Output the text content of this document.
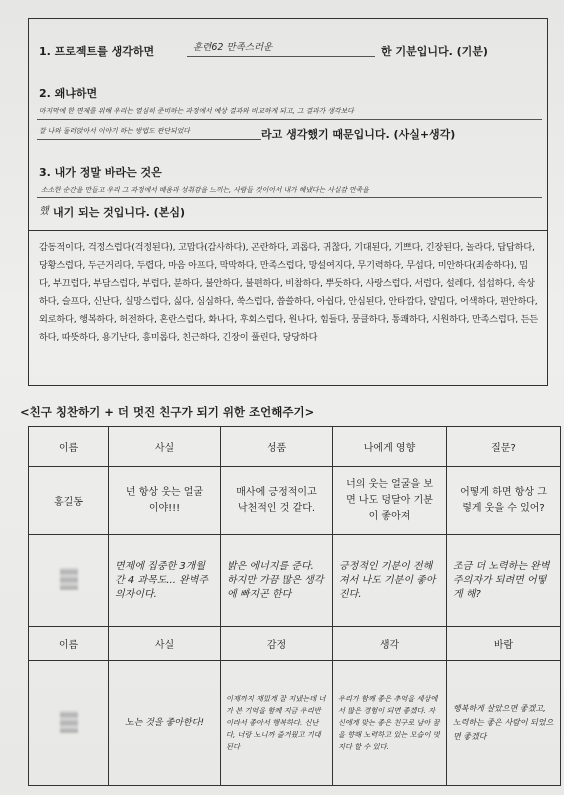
1. 프로젝트를 생각하면	훈련62 만족스러운	한 기분입니다. (기분)
2. 왜냐하면
마지막에 한 면제를 위해 우리는 열심히 준비하는 과정에서 예상 결과와 비교하게 되고, 그 결과가 생각보다
잘 나와 둘러앉아서 이야기 하는 방법도 판단되었다	라고 생각했기 때문입니다. (사실+생각)
3. 내가 정말 바라는 것은
소소한 순간을 만들고 우리 그 과정에서 배움과 성취감을 느끼는, 사람들 것이어서 내가 해냈다는 사실감 만족을
했 내기 되는 것입니다. (본심)
감동적이다, 걱정스럽다(걱정된다), 고맙다(감사하다), 곤란하다, 괴롭다, 귀찮다, 기대된다, 기쁘다, 긴장된다, 놀라다, 답답하다, 당황스럽다, 두근거리다, 두렵다, 마음 아프다, 막막하다, 만족스럽다, 망설여지다, 무기력하다, 무섭다, 미안하다(죄송하다), 밉다, 부끄럽다, 부담스럽다, 부럽다, 분하다, 불안하다, 불편하다, 비참하다, 뿌듯하다, 사랑스럽다, 서럽다, 설레다, 섭섭하다, 속상하다, 슬프다, 신난다, 실망스럽다, 싫다, 심심하다, 쑥스럽다, 씁쓸하다, 아쉽다, 안심된다, 안타깝다, 얄밉다, 어색하다, 편안하다, 외로하다, 행복하다, 허전하다, 혼란스럽다, 화나다, 후회스럽다, 원나다, 힘들다, 뭉클하다, 통쾌하다, 시원하다, 만족스럽다, 든든하다, 따뜻하다, 용기난다, 흥미롭다, 친근하다, 긴장이 풀린다, 당당하다
<친구 칭찬하기 + 더 멋진 친구가 되기 위한 조언해주기>
이름	사실	성품	나에게 영향	질문?
홍길동	넌 항상 웃는 얼굴이야!!!	매사에 긍정적이고 낙천적인 것 같다.	너의 웃는 얼굴을 보면 나도 덩달아 기분이 좋아져	어떻게 하면 항상 그렇게 웃을 수 있어?
	면제에 집중한 3개월간 4 과목도... 완벽주의자이다.	밝은 에너지를 준다. 하지만 가끔 많은 생각에 빠지곤 한다	긍정적인 기분이 전해져서 나도 기분이 좋아진다.	조금 더 노력하는 완벽주의자가 되려면 어떻게 해?
이름	사실	감정	생각	바람
	노는 것을 좋아한다!	이제까지 재밌게 잘 지냈는데 너가 본 기억을 함께 지금 우리반이라서 좋아서 행복하다. 신난다, 너랑 노니까 즐거웠고 기대된다	우리가 함께 좋은 추억을 세상에서 많은 경험이 되면 좋겠다. 자신에게 맞는 좋은 친구로 남아 꿈을 향해 노력하고 있는 모습이 멋지다 할 수 있다.	행복하게 살았으면 좋겠고, 노력하는 좋은 사람이 되었으면 좋겠다
